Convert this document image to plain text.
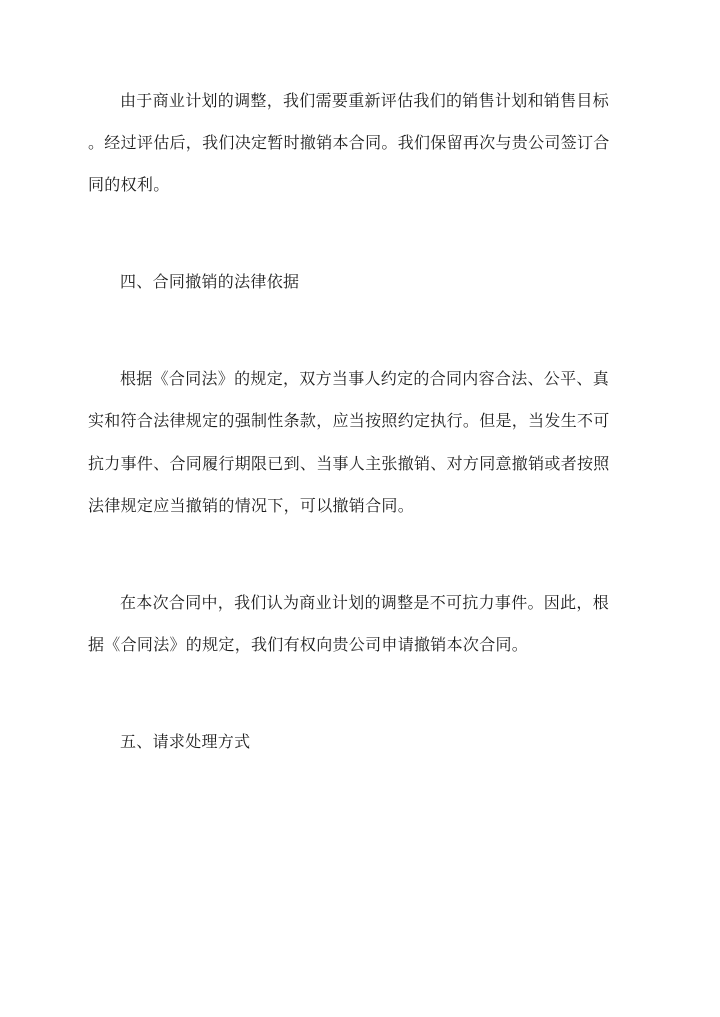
由于商业计划的调整，我们需要重新评估我们的销售计划和销售目标
。经过评估后，我们决定暂时撤销本合同。我们保留再次与贵公司签订合
同的权利。
四、合同撤销的法律依据
根据《合同法》的规定，双方当事人约定的合同内容合法、公平、真
实和符合法律规定的强制性条款，应当按照约定执行。但是，当发生不可
抗力事件、合同履行期限已到、当事人主张撤销、对方同意撤销或者按照
法律规定应当撤销的情况下，可以撤销合同。
在本次合同中，我们认为商业计划的调整是不可抗力事件。因此，根
据《合同法》的规定，我们有权向贵公司申请撤销本次合同。
五、请求处理方式
